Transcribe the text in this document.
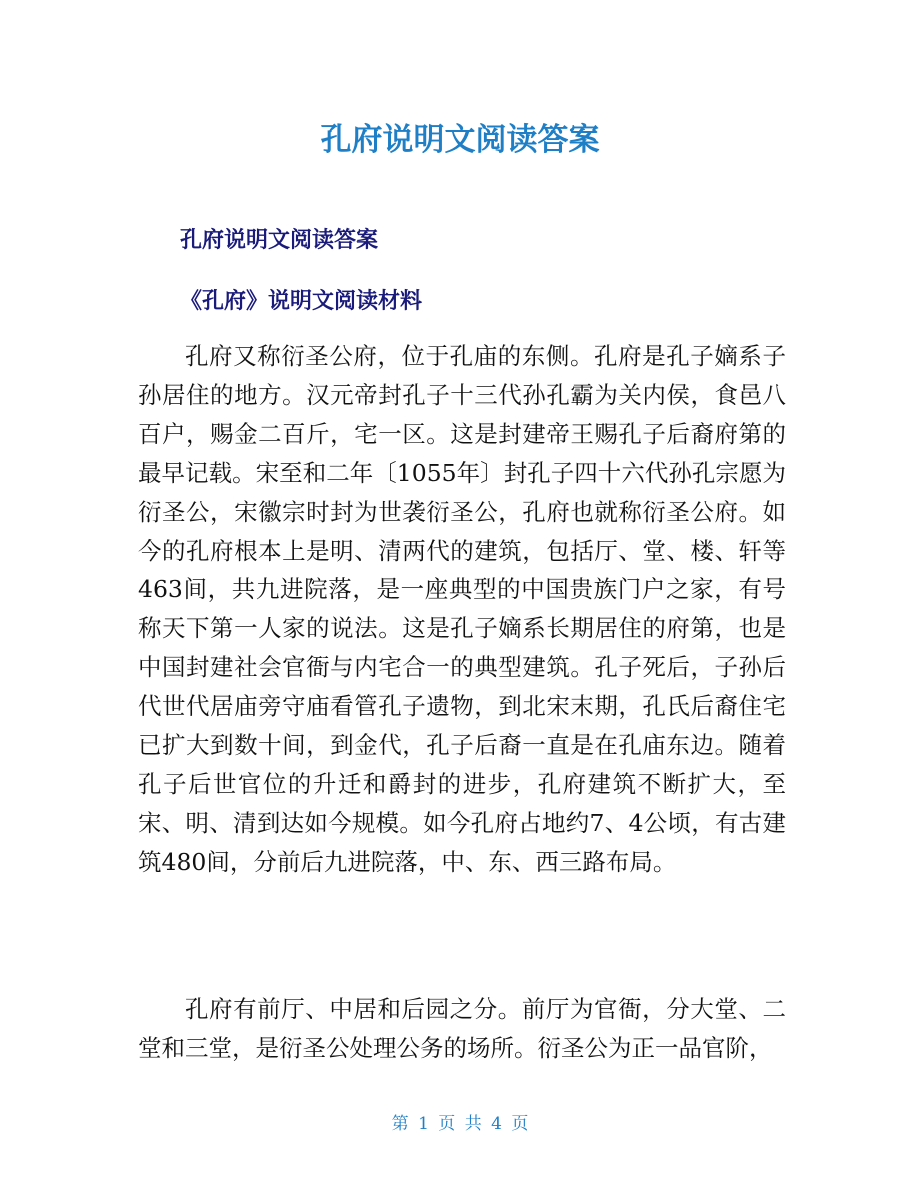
孔府说明文阅读答案
孔府说明文阅读答案
《孔府》说明文阅读材料

孔府又称衍圣公府，位于孔庙的东侧。孔府是孔子嫡系子孙居住的地方。汉元帝封孔子十三代孙孔霸为关内侯，食邑八百户，赐金二百斤，宅一区。这是封建帝王赐孔子后裔府第的最早记载。宋至和二年〔1055年〕封孔子四十六代孙孔宗愿为衍圣公，宋徽宗时封为世袭衍圣公，孔府也就称衍圣公府。如今的孔府根本上是明、清两代的建筑，包括厅、堂、楼、轩等463间，共九进院落，是一座典型的中国贵族门户之家，有号称天下第一人家的说法。这是孔子嫡系长期居住的府第，也是中国封建社会官衙与内宅合一的典型建筑。孔子死后，子孙后代世代居庙旁守庙看管孔子遗物，到北宋末期，孔氏后裔住宅已扩大到数十间，到金代，孔子后裔一直是在孔庙东边。随着孔子后世官位的升迁和爵封的进步，孔府建筑不断扩大，至宋、明、清到达如今规模。如今孔府占地约7、4公顷，有古建筑480间，分前后九进院落，中、东、西三路布局。

孔府有前厅、中居和后园之分。前厅为官衙，分大堂、二堂和三堂，是衍圣公处理公务的场所。衍圣公为正一品官阶，

第 1 页 共 4 页
